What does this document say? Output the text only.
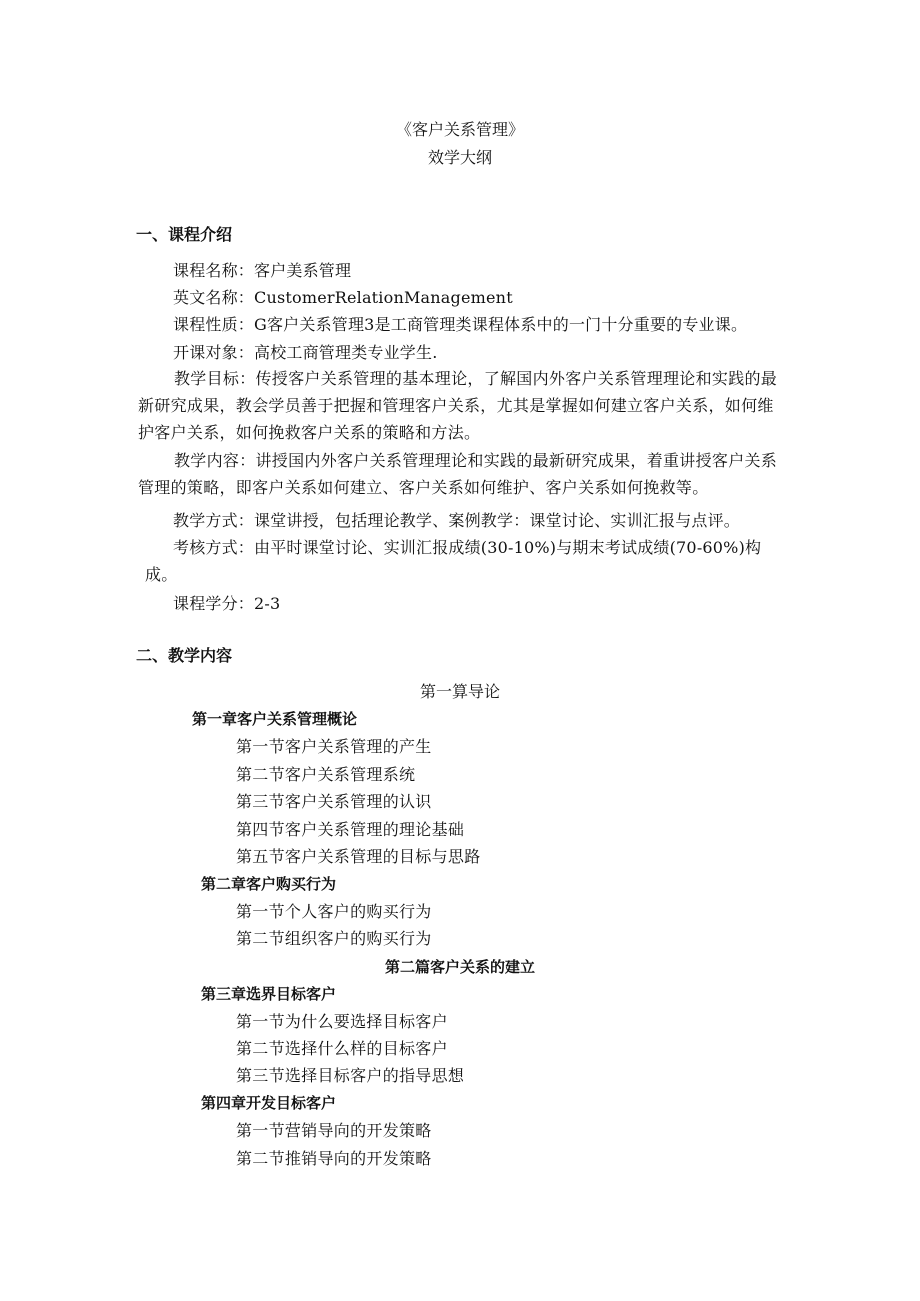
《客户关系管理》
效学大纲
一、课程介绍
课程名称：客户美系管理
英文名称：CustomerRelationManagement
课程性质：G客户关系管理3是工商管理类课程体系中的一门十分重要的专业课。
开课对象：高校工商管理类专业学生.
教学目标：传授客户关系管理的基本理论，了解国内外客户关系管理理论和实践的最新研究成果，教会学员善于把握和管理客户关系，尤其是掌握如何建立客户关系，如何维护客户关系，如何挽救客户关系的策略和方法。
教学内容：讲授国内外客户关系管理理论和实践的最新研究成果，着重讲授客户关系管理的策略，即客户关系如何建立、客户关系如何维护、客户关系如何挽救等。
教学方式：课堂讲授，包括理论教学、案例教学：课堂讨论、实训汇报与点评。
考核方式：由平时课堂讨论、实训汇报成绩(30-10%)与期末考试成绩(70-60%)构
成。
课程学分：2-3
二、教学内容
第一算导论
第一章客户关系管理概论
第一节客户关系管理的产生
第二节客户关系管理系统
第三节客户关系管理的认识
第四节客户关系管理的理论基础
第五节客户关系管理的目标与思路
第二章客户购买行为
第一节个人客户的购买行为
第二节组织客户的购买行为
第二篇客户关系的建立
第三章选界目标客户
第一节为什么要选择目标客户
第二节选择什么样的目标客户
第三节选择目标客户的指导思想
第四章开发目标客户
第一节营销导向的开发策略
第二节推销导向的开发策略
